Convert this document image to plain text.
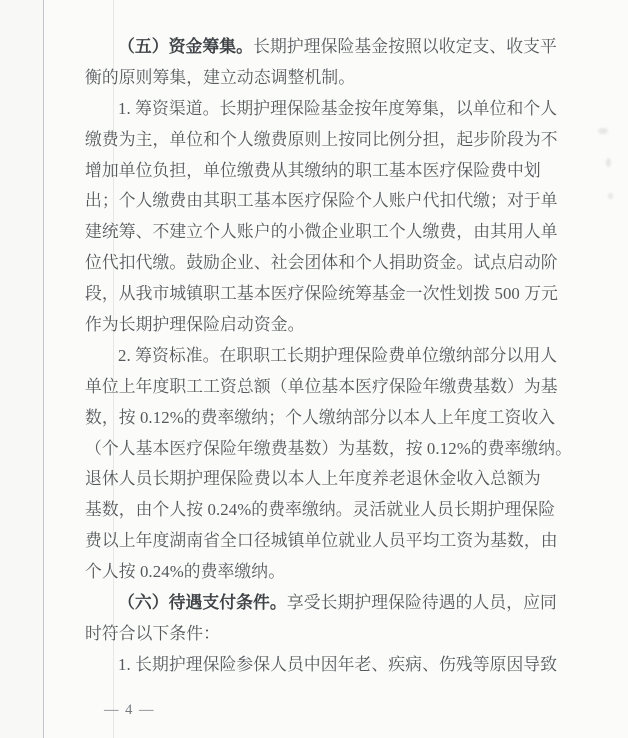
（五）资金筹集。长期护理保险基金按照以收定支、收支平
衡的原则筹集，建立动态调整机制。
1. 筹资渠道。长期护理保险基金按年度筹集，以单位和个人
缴费为主，单位和个人缴费原则上按同比例分担，起步阶段为不
增加单位负担，单位缴费从其缴纳的职工基本医疗保险费中划
出；个人缴费由其职工基本医疗保险个人账户代扣代缴；对于单
建统筹、不建立个人账户的小微企业职工个人缴费，由其用人单
位代扣代缴。鼓励企业、社会团体和个人捐助资金。试点启动阶
段，从我市城镇职工基本医疗保险统筹基金一次性划拨 500 万元
作为长期护理保险启动资金。
2. 筹资标准。在职职工长期护理保险费单位缴纳部分以用人
单位上年度职工工资总额（单位基本医疗保险年缴费基数）为基
数，按 0.12%的费率缴纳；个人缴纳部分以本人上年度工资收入
（个人基本医疗保险年缴费基数）为基数，按 0.12%的费率缴纳。
退休人员长期护理保险费以本人上年度养老退休金收入总额为
基数，由个人按 0.24%的费率缴纳。灵活就业人员长期护理保险
费以上年度湖南省全口径城镇单位就业人员平均工资为基数，由
个人按 0.24%的费率缴纳。
（六）待遇支付条件。享受长期护理保险待遇的人员，应同
时符合以下条件：
1. 长期护理保险参保人员中因年老、疾病、伤残等原因导致
— 4 —
